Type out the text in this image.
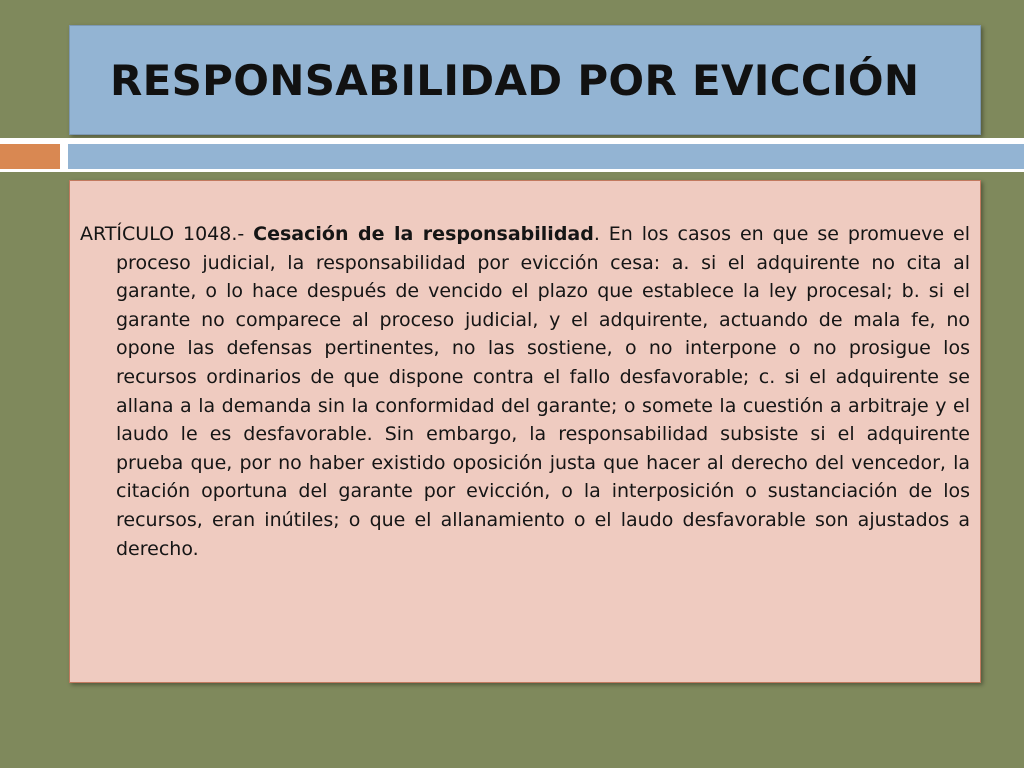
RESPONSABILIDAD POR EVICCIÓN

ARTÍCULO 1048.- Cesación de la responsabilidad. En los casos en que se promueve el proceso judicial, la responsabilidad por evicción cesa: a. si el adquirente no cita al garante, o lo hace después de vencido el plazo que establece la ley procesal; b. si el garante no comparece al proceso judicial, y el adquirente, actuando de mala fe, no opone las defensas pertinentes, no las sostiene, o no interpone o no prosigue los recursos ordinarios de que dispone contra el fallo desfavorable; c. si el adquirente se allana a la demanda sin la conformidad del garante; o somete la cuestión a arbitraje y el laudo le es desfavorable. Sin embargo, la responsabilidad subsiste si el adquirente prueba que, por no haber existido oposición justa que hacer al derecho del vencedor, la citación oportuna del garante por evicción, o la interposición o sustanciación de los recursos, eran inútiles; o que el allanamiento o el laudo desfavorable son ajustados a derecho.
